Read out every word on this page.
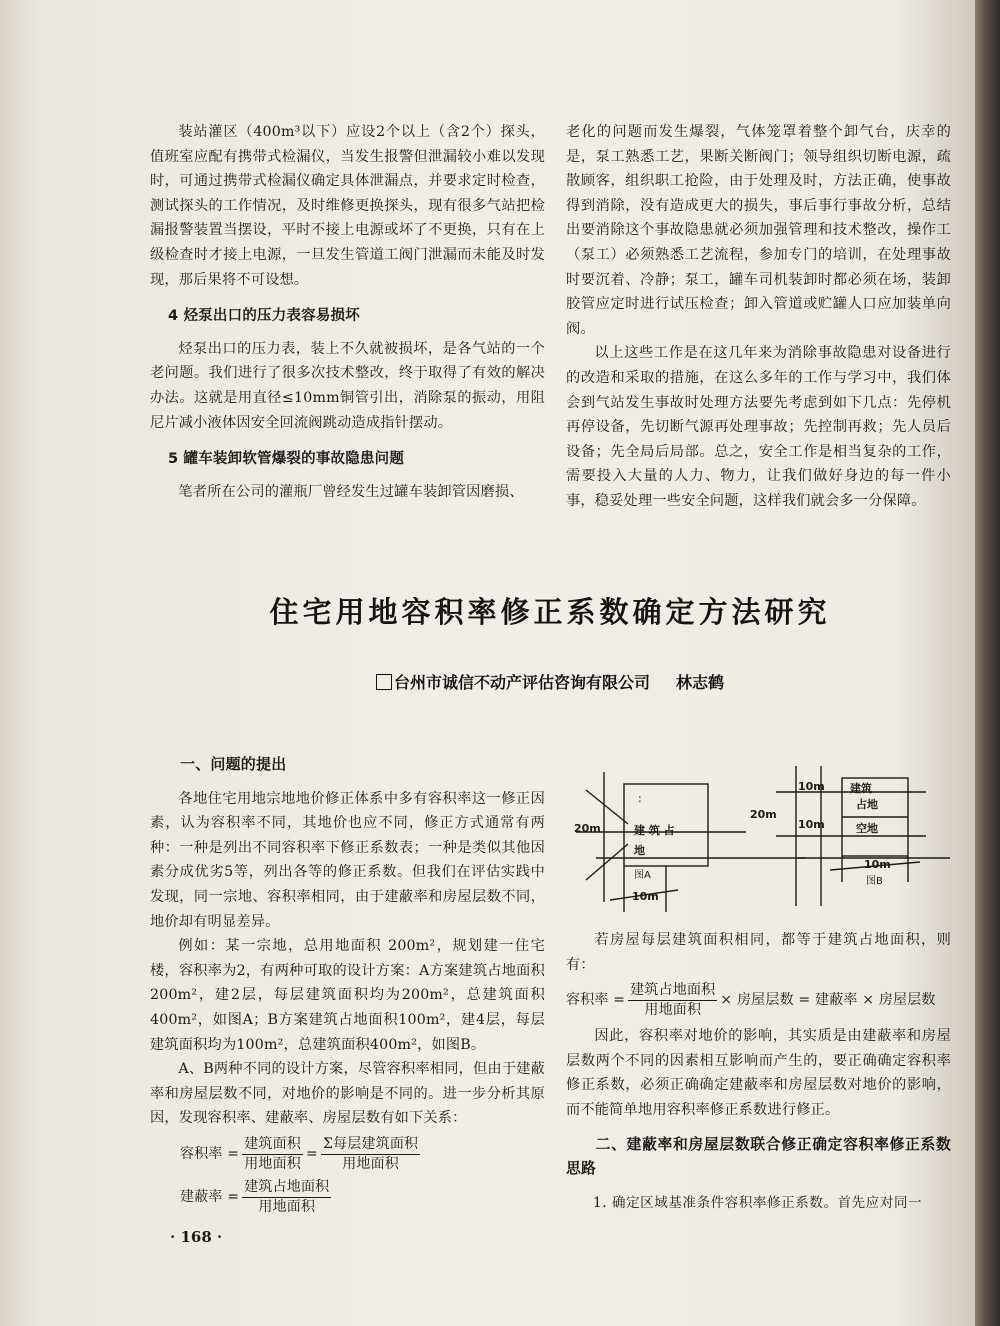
装站灌区（400m³以下）应设2个以上（含2个）探头，值班室应配有携带式检漏仪，当发生报警但泄漏较小难以发现时，可通过携带式检漏仪确定具体泄漏点，并要求定时检查，测试探头的工作情况，及时维修更换探头，现有很多气站把检漏报警装置当摆设，平时不接上电源或坏了不更换，只有在上级检查时才接上电源，一旦发生管道工阀门泄漏而未能及时发现，那后果将不可设想。

4 烃泵出口的压力表容易损坏

烃泵出口的压力表，装上不久就被损坏，是各气站的一个老问题。我们进行了很多次技术整改，终于取得了有效的解决办法。这就是用直径≤10mm铜管引出，消除泵的振动，用阻尼片减小液体因安全回流阀跳动造成指针摆动。

5 罐车装卸软管爆裂的事故隐患问题

笔者所在公司的灌瓶厂曾经发生过罐车装卸管因磨损、

老化的问题而发生爆裂，气体笼罩着整个卸气台，庆幸的是，泵工熟悉工艺，果断关断阀门；领导组织切断电源，疏散顾客，组织职工抢险，由于处理及时，方法正确，使事故得到消除，没有造成更大的损失，事后事行事故分析，总结出要消除这个事故隐患就必须加强管理和技术整改，操作工（泵工）必须熟悉工艺流程，参加专门的培训，在处理事故时要沉着、冷静；泵工，罐车司机装卸时都必须在场，装卸胶管应定时进行试压检查；卸入管道或贮罐人口应加装单向阀。

以上这些工作是在这几年来为消除事故隐患对设备进行的改造和采取的措施，在这么多年的工作与学习中，我们体会到气站发生事故时处理方法要先考虑到如下几点：先停机再停设备，先切断气源再处理事故；先控制再救；先人员后设备；先全局后局部。总之，安全工作是相当复杂的工作，需要投入大量的人力、物力，让我们做好身边的每一件小事，稳妥处理一些安全问题，这样我们就会多一分保障。

住宅用地容积率修正系数确定方法研究
台州市诚信不动产评估咨询有限公司 林志鹤

一、问题的提出

各地住宅用地宗地地价修正体系中多有容积率这一修正因素，认为容积率不同，其地价也应不同，修正方式通常有两种：一种是列出不同容积率下修正系数表；一种是类似其他因素分成优劣5等，列出各等的修正系数。但我们在评估实践中发现，同一宗地、容积率相同，由于建蔽率和房屋层数不同，地价却有明显差异。

例如：某一宗地，总用地面积 200m²，规划建一住宅楼，容积率为2，有两种可取的设计方案：A方案建筑占地面积200m²，建2层，每层建筑面积均为200m²，总建筑面积400m²，如图A；B方案建筑占地面积100m²，建4层，每层建筑面积均为100m²，总建筑面积400m²，如图B。

A、B两种不同的设计方案，尽管容积率相同，但由于建蔽率和房屋层数不同，对地价的影响是不同的。进一步分析其原因，发现容积率、建蔽率、房屋层数有如下关系：

容积率 = $\frac{\text{建筑面积}}{\text{用地面积}} = \frac{\text{Σ每层建筑面积}}{\text{用地面积}}$
建蔽率 = $\frac{\text{建筑占地面积}}{\text{用地面积}}$
20m
:
建 筑 占
地
10m
图A
20m
10m
10m
建筑
占地
空地
10m
图B

若房屋每层建筑面积相同，都等于建筑占地面积，则有：

容积率 = $\frac{\text{建筑占地面积}}{\text{用地面积}}$ × 房屋层数 = 建蔽率 × 房屋层数

因此，容积率对地价的影响，其实质是由建蔽率和房屋层数两个不同的因素相互影响而产生的，要正确确定容积率修正系数，必须正确确定建蔽率和房屋层数对地价的影响，而不能简单地用容积率修正系数进行修正。

二、建蔽率和房屋层数联合修正确定容积率修正系数思路

1. 确定区域基准条件容积率修正系数。首先应对同一

· 168 ·
